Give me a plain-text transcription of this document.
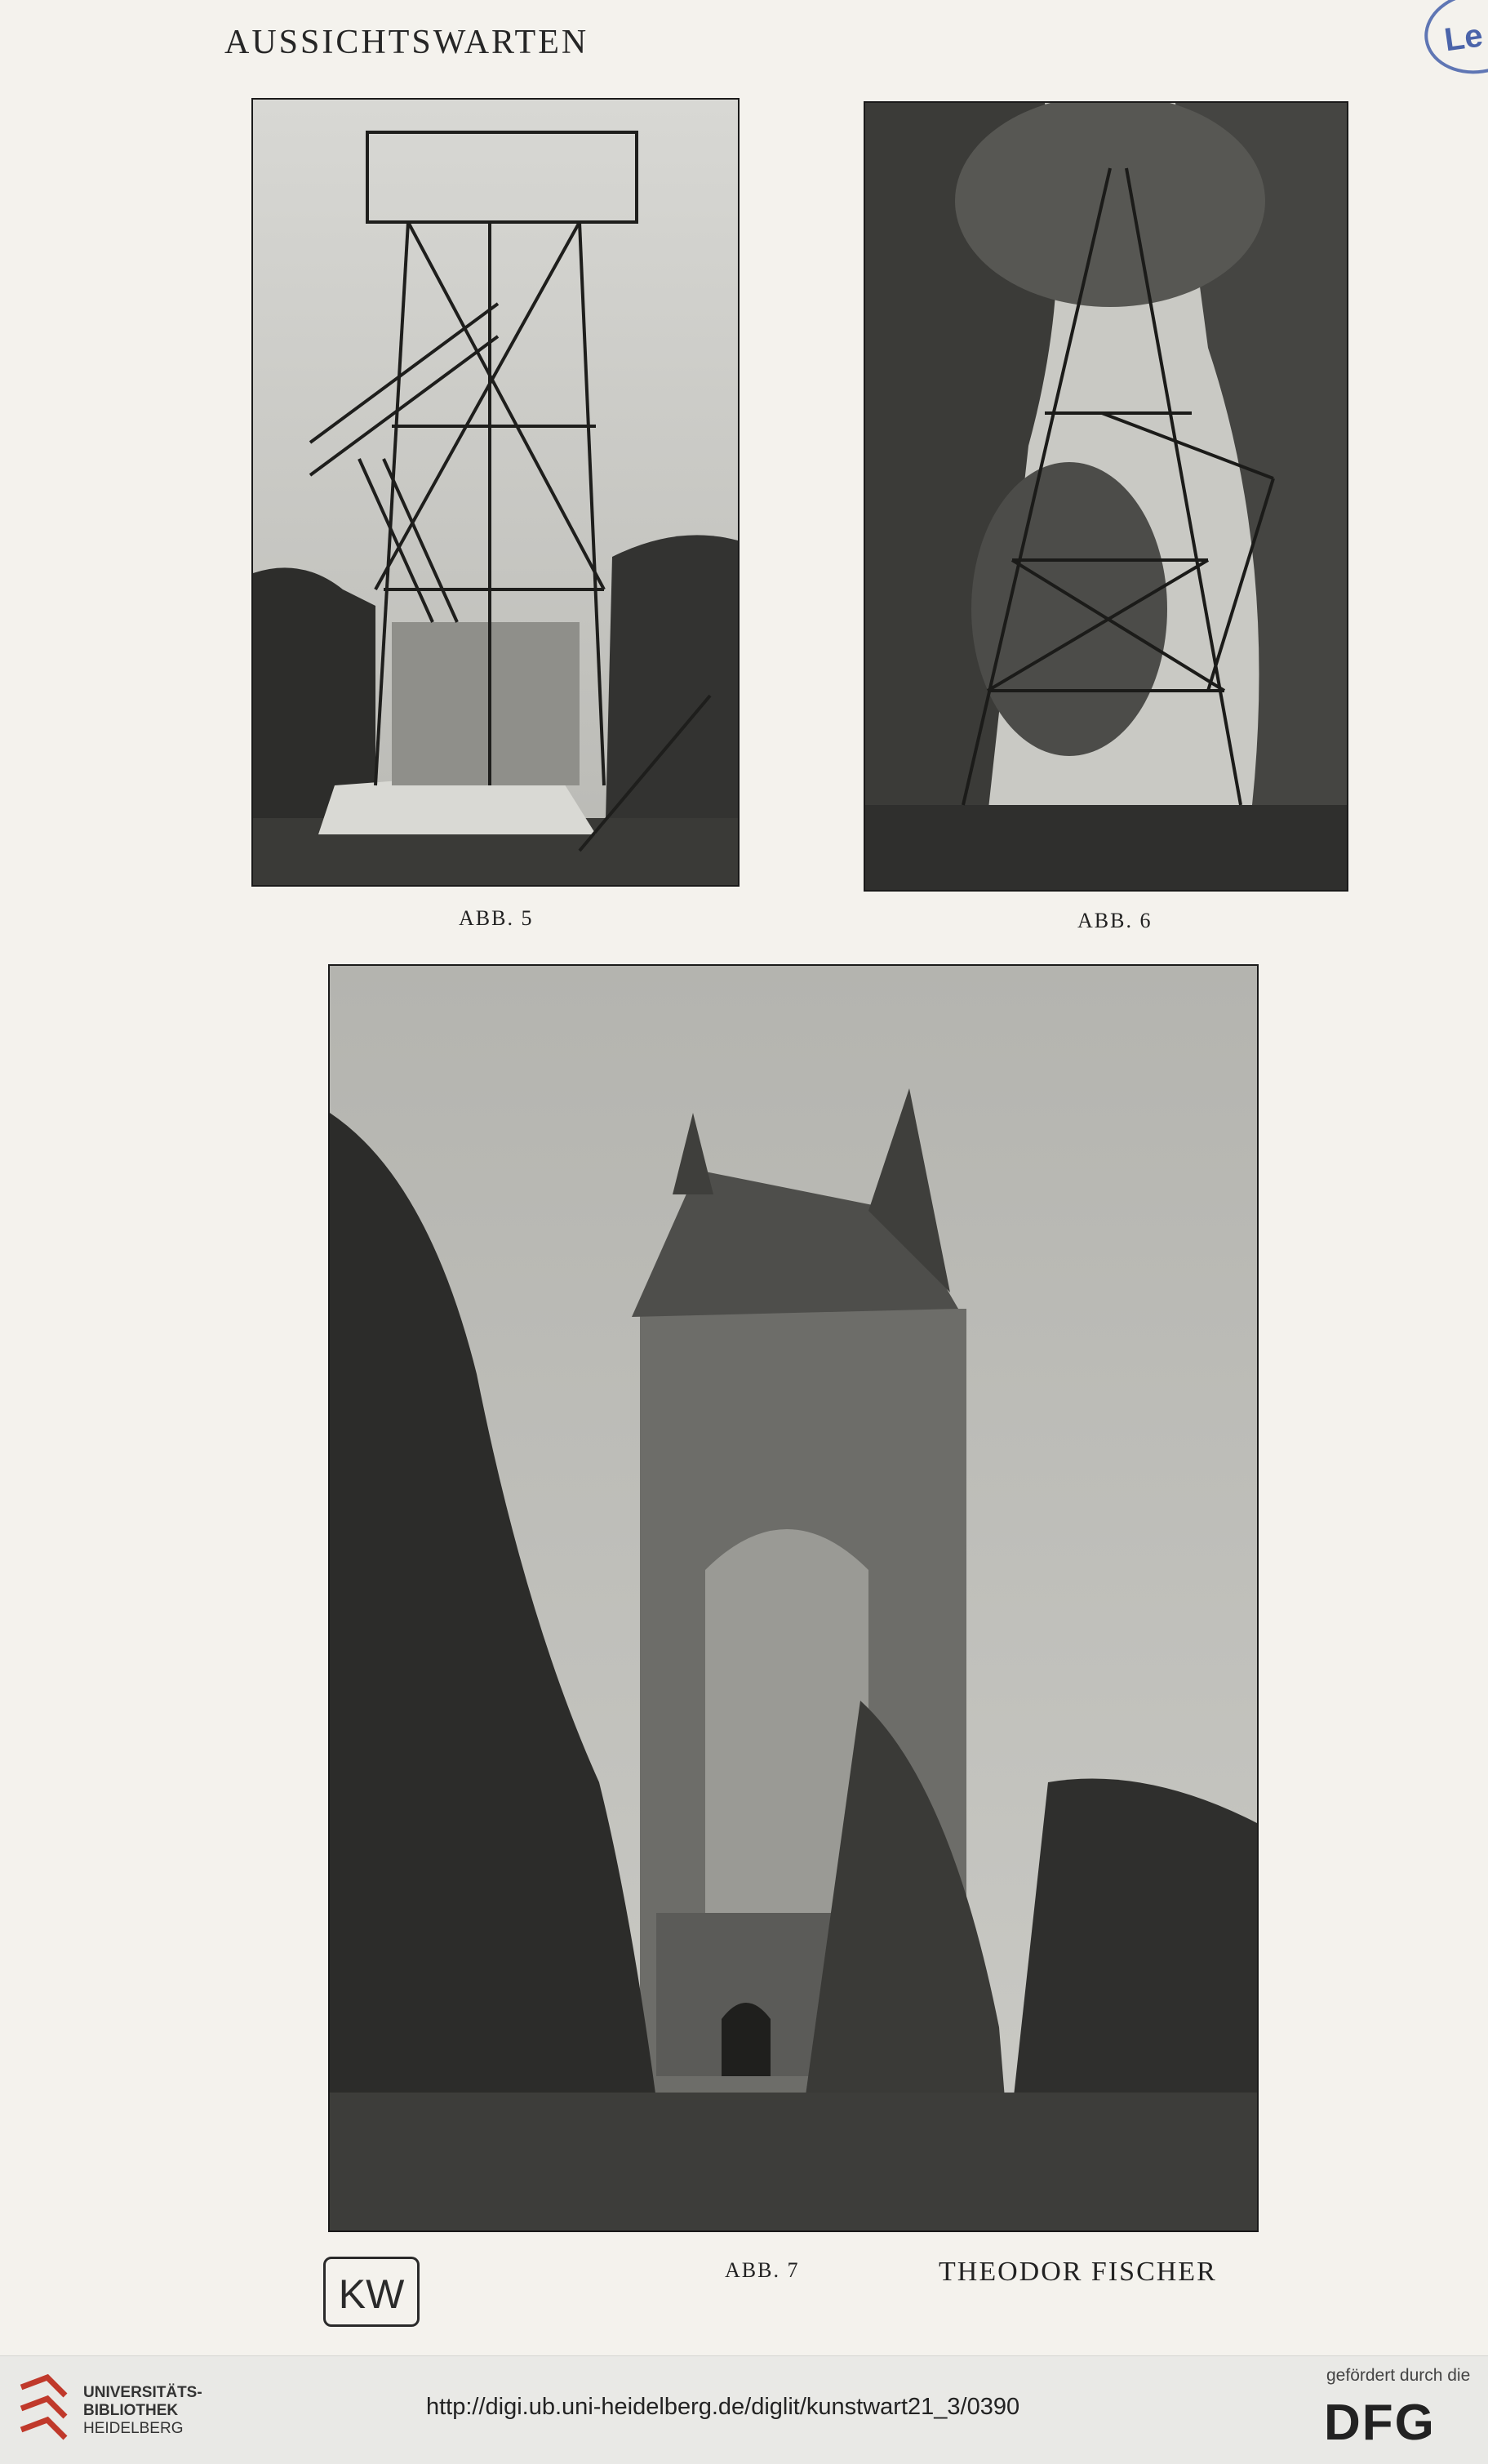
AUSSICHTSWARTEN	Le
ABB. 5	ABB. 6
ABB. 7	THEODOR FISCHER
KW
UNIVERSITÄTS-
BIBLIOTHEK
HEIDELBERG
http://digi.ub.uni-heidelberg.de/diglit/kunstwart21_3/0390
gefördert durch die
DFG
